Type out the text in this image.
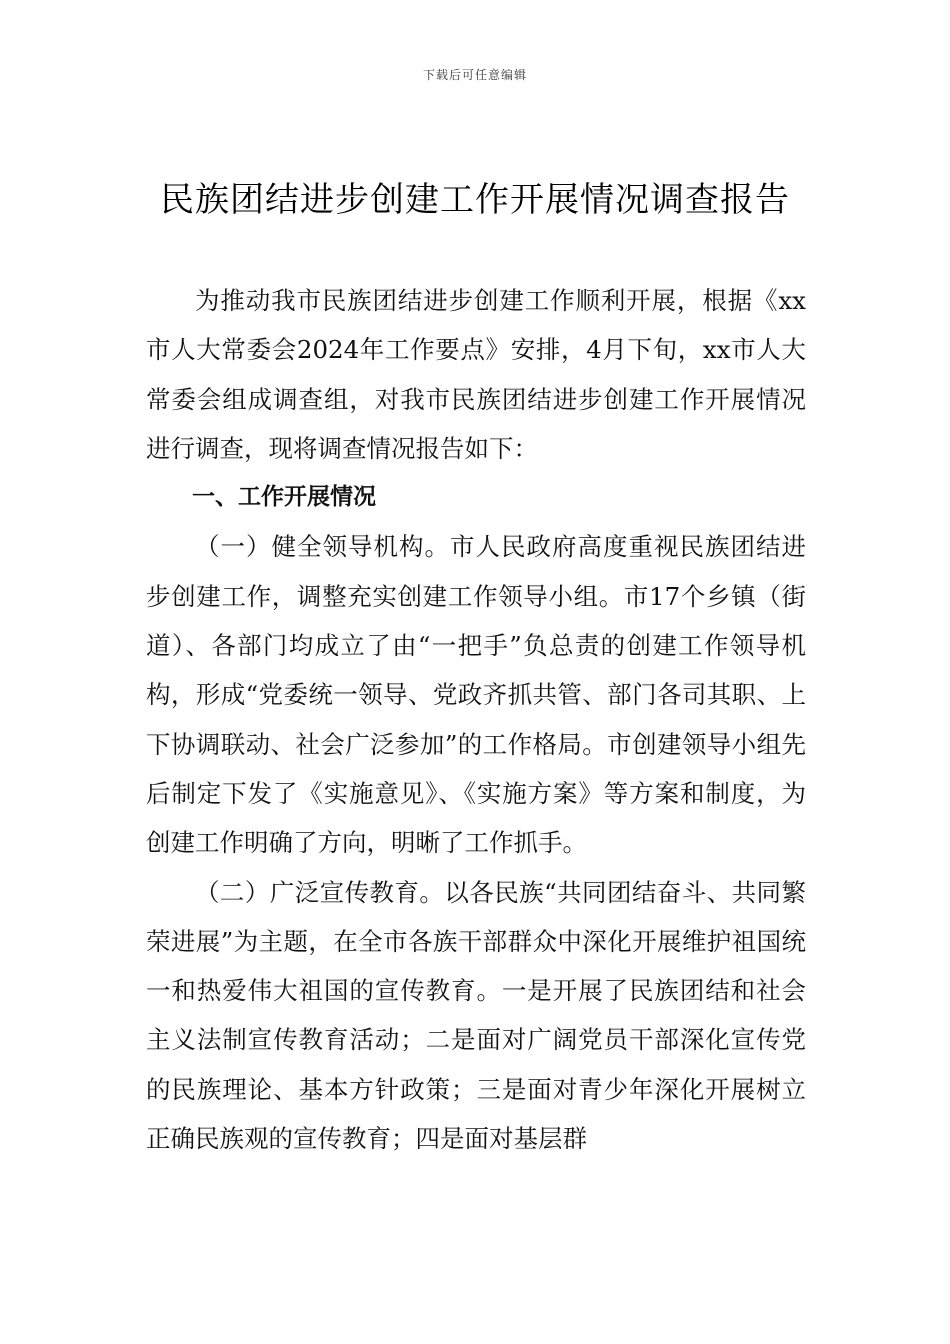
下载后可任意编辑
民族团结进步创建工作开展情况调查报告

为推动我市民族团结进步创建工作顺利开展，根据《xx市人大常委会2024年工作要点》安排，4月下旬，xx市人大常委会组成调查组，对我市民族团结进步创建工作开展情况进行调查，现将调查情况报告如下：

一、工作开展情况

（一）健全领导机构。市人民政府高度重视民族团结进步创建工作，调整充实创建工作领导小组。市17个乡镇（街道）、各部门均成立了由“一把手”负总责的创建工作领导机构，形成“党委统一领导、党政齐抓共管、部门各司其职、上下协调联动、社会广泛参加”的工作格局。市创建领导小组先后制定下发了《实施意见》、《实施方案》等方案和制度，为创建工作明确了方向，明晰了工作抓手。

（二）广泛宣传教育。以各民族“共同团结奋斗、共同繁荣进展”为主题，在全市各族干部群众中深化开展维护祖国统一和热爱伟大祖国的宣传教育。一是开展了民族团结和社会主义法制宣传教育活动；二是面对广阔党员干部深化宣传党的民族理论、基本方针政策；三是面对青少年深化开展树立正确民族观的宣传教育；四是面对基层群
